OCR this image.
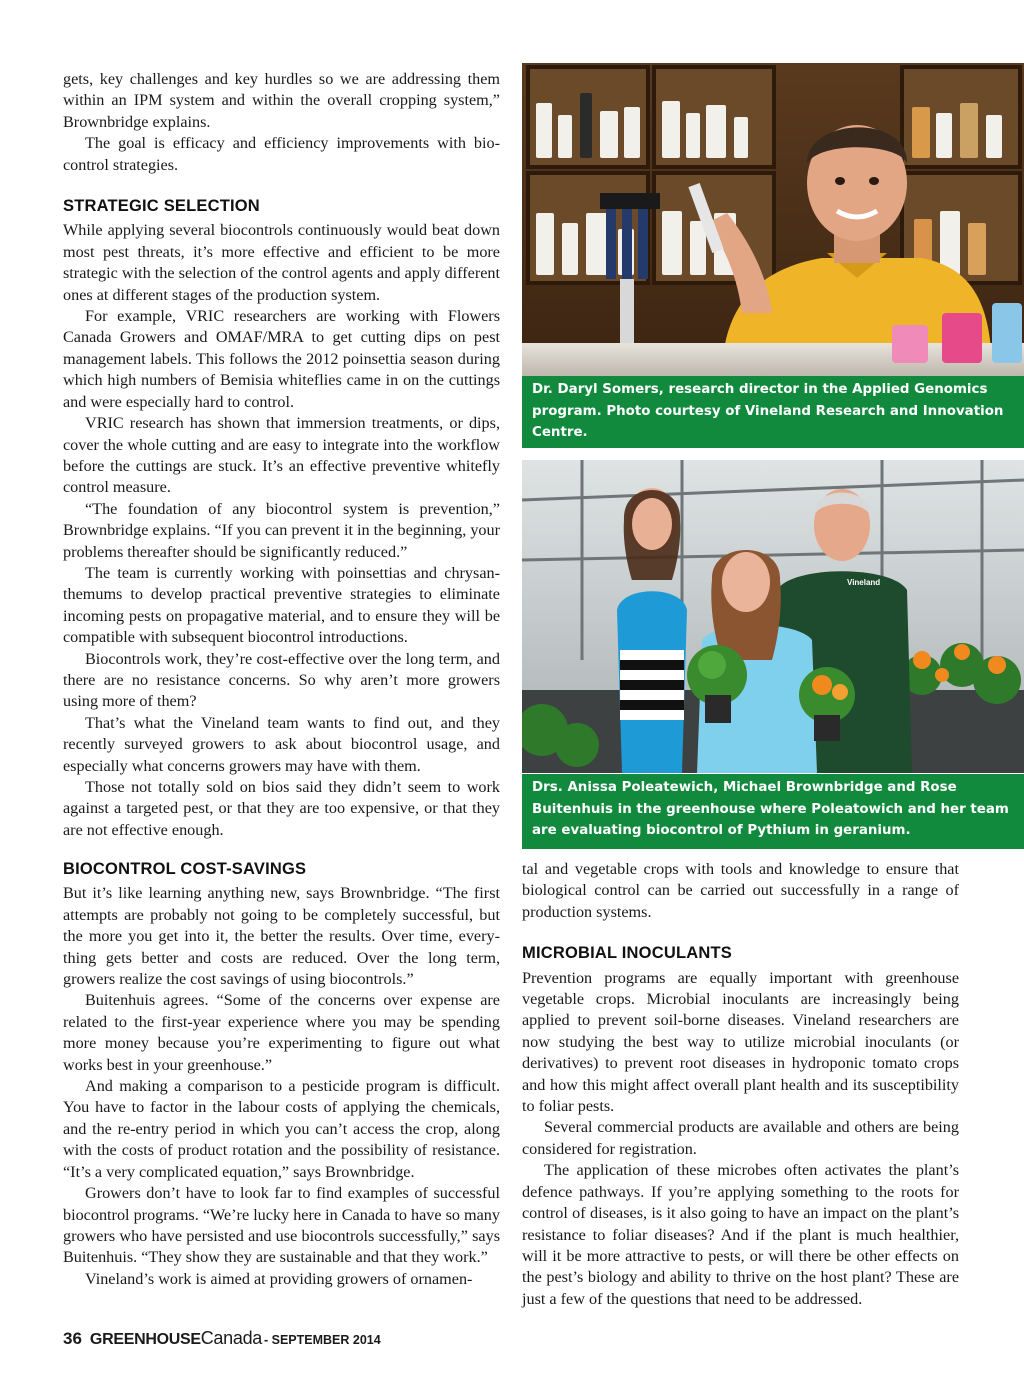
gets, key challenges and key hurdles so we are addressing them within an IPM system and within the overall cropping system,” Brownbridge explains.

The goal is efficacy and efficiency improvements with biocontrol strategies.

STRATEGIC SELECTION

While applying several biocontrols continuously would beat down most pest threats, it’s more effective and efficient to be more strategic with the selection of the control agents and apply different ones at different stages of the production system.

For example, VRIC researchers are working with Flowers Canada Growers and OMAF/MRA to get cutting dips on pest management labels. This follows the 2012 poinsettia season during which high numbers of Bemisia whiteflies came in on the cuttings and were especially hard to control.

VRIC research has shown that immersion treatments, or dips, cover the whole cutting and are easy to integrate into the workflow before the cuttings are stuck. It’s an effective preventive whitefly control measure.

“The foundation of any biocontrol system is prevention,” Brownbridge explains. “If you can prevent it in the beginning, your problems thereafter should be significantly reduced.”

The team is currently working with poinsettias and chrysanthemums to develop practical preventive strategies to eliminate incoming pests on propagative material, and to ensure they will be compatible with subsequent biocontrol introductions.

Biocontrols work, they’re cost-effective over the long term, and there are no resistance concerns. So why aren’t more growers using more of them?

That’s what the Vineland team wants to find out, and they recently surveyed growers to ask about biocontrol usage, and especially what concerns growers may have with them.

Those not totally sold on bios said they didn’t seem to work against a targeted pest, or that they are too expensive, or that they are not effective enough.

BIOCONTROL COST-SAVINGS

But it’s like learning anything new, says Brownbridge. “The first attempts are probably not going to be completely successful, but the more you get into it, the better the results. Over time, everything gets better and costs are reduced. Over the long term, growers realize the cost savings of using biocontrols.”

Buitenhuis agrees. “Some of the concerns over expense are related to the first-year experience where you may be spending more money because you’re experimenting to figure out what works best in your greenhouse.”

And making a comparison to a pesticide program is difficult. You have to factor in the labour costs of applying the chemicals, and the re-entry period in which you can’t access the crop, along with the costs of product rotation and the possibility of resistance. “It’s a very complicated equation,” says Brownbridge.

Growers don’t have to look far to find examples of successful biocontrol programs. “We’re lucky here in Canada to have so many growers who have persisted and use biocontrols successfully,” says Buitenhuis. “They show they are sustainable and that they work.”

Vineland’s work is aimed at providing growers of ornamen-

tal and vegetable crops with tools and knowledge to ensure that biological control can be carried out successfully in a range of production systems.

MICROBIAL INOCULANTS

Prevention programs are equally important with greenhouse vegetable crops. Microbial inoculants are increasingly being applied to prevent soil-borne diseases. Vineland researchers are now studying the best way to utilize microbial inoculants (or derivatives) to prevent root diseases in hydroponic tomato crops and how this might affect overall plant health and its susceptibility to foliar pests.

Several commercial products are available and others are being considered for registration.

The application of these microbes often activates the plant’s defence pathways. If you’re applying something to the roots for control of diseases, is it also going to have an impact on the plant’s resistance to foliar diseases? And if the plant is much healthier, will it be more attractive to pests, or will there be other effects on the pest’s biology and ability to thrive on the host plant? These are just a few of the questions that need to be addressed.

Dr. Daryl Somers, research director in the Applied Genomics program. Photo courtesy of Vineland Research and Innovation Centre.
Vineland
Drs. Anissa Poleatewich, Michael Brownbridge and Rose Buitenhuis in the greenhouse where Poleatowich and her team are evaluating biocontrol of Pythium in geranium.
36 GREENHOUSE Canada - SEPTEMBER 2014
